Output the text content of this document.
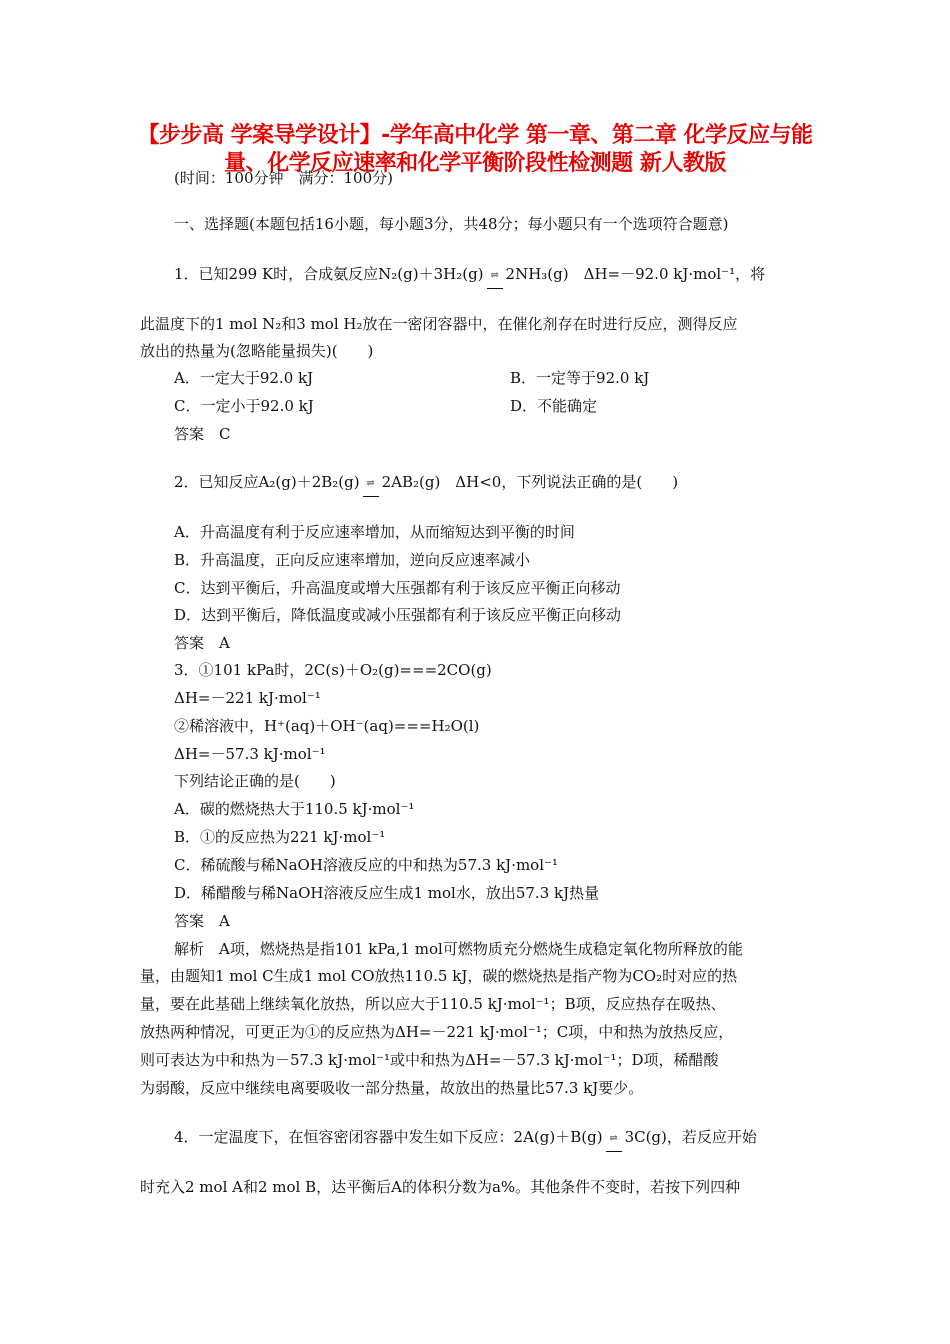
【步步高 学案导学设计】-学年高中化学 第一章、第二章 化学反应与能量、化学反应速率和化学平衡阶段性检测题 新人教版
(时间：100分钟　满分：100分)
一、选择题(本题包括16小题，每小题3分，共48分；每小题只有一个选项符合题意)
1．已知299 K时，合成氨反应N₂(g)＋3H₂(g) ⇌ 2NH₃(g)　ΔH=－92.0 kJ·mol⁻¹，将
此温度下的1 mol N₂和3 mol H₂放在一密闭容器中，在催化剂存在时进行反应，测得反应
放出的热量为(忽略能量损失)(　　)
A．一定大于92.0 kJ	B．一定等于92.0 kJ
C．一定小于92.0 kJ	D．不能确定
答案　C
2．已知反应A₂(g)＋2B₂(g) ⇌ 2AB₂(g)　ΔH<0，下列说法正确的是(　　)
A．升高温度有利于反应速率增加，从而缩短达到平衡的时间
B．升高温度，正向反应速率增加，逆向反应速率减小
C．达到平衡后，升高温度或增大压强都有利于该反应平衡正向移动
D．达到平衡后，降低温度或减小压强都有利于该反应平衡正向移动
答案　A
3．①101 kPa时，2C(s)＋O₂(g)===2CO(g)
ΔH=－221 kJ·mol⁻¹
②稀溶液中，H⁺(aq)＋OH⁻(aq)===H₂O(l)
ΔH=－57.3 kJ·mol⁻¹
下列结论正确的是(　　)
A．碳的燃烧热大于110.5 kJ·mol⁻¹
B．①的反应热为221 kJ·mol⁻¹
C．稀硫酸与稀NaOH溶液反应的中和热为57.3 kJ·mol⁻¹
D．稀醋酸与稀NaOH溶液反应生成1 mol水，放出57.3 kJ热量
答案　A
解析　A项，燃烧热是指101 kPa,1 mol可燃物质充分燃烧生成稳定氧化物所释放的能
量，由题知1 mol C生成1 mol CO放热110.5 kJ，碳的燃烧热是指产物为CO₂时对应的热
量，要在此基础上继续氧化放热，所以应大于110.5 kJ·mol⁻¹；B项，反应热存在吸热、
放热两种情况，可更正为①的反应热为ΔH=－221 kJ·mol⁻¹；C项，中和热为放热反应，
则可表达为中和热为－57.3 kJ·mol⁻¹或中和热为ΔH=－57.3 kJ·mol⁻¹；D项，稀醋酸
为弱酸，反应中继续电离要吸收一部分热量，故放出的热量比57.3 kJ要少。
4．一定温度下，在恒容密闭容器中发生如下反应：2A(g)＋B(g) ⇌ 3C(g)，若反应开始
时充入2 mol A和2 mol B，达平衡后A的体积分数为a%。其他条件不变时，若按下列四种
